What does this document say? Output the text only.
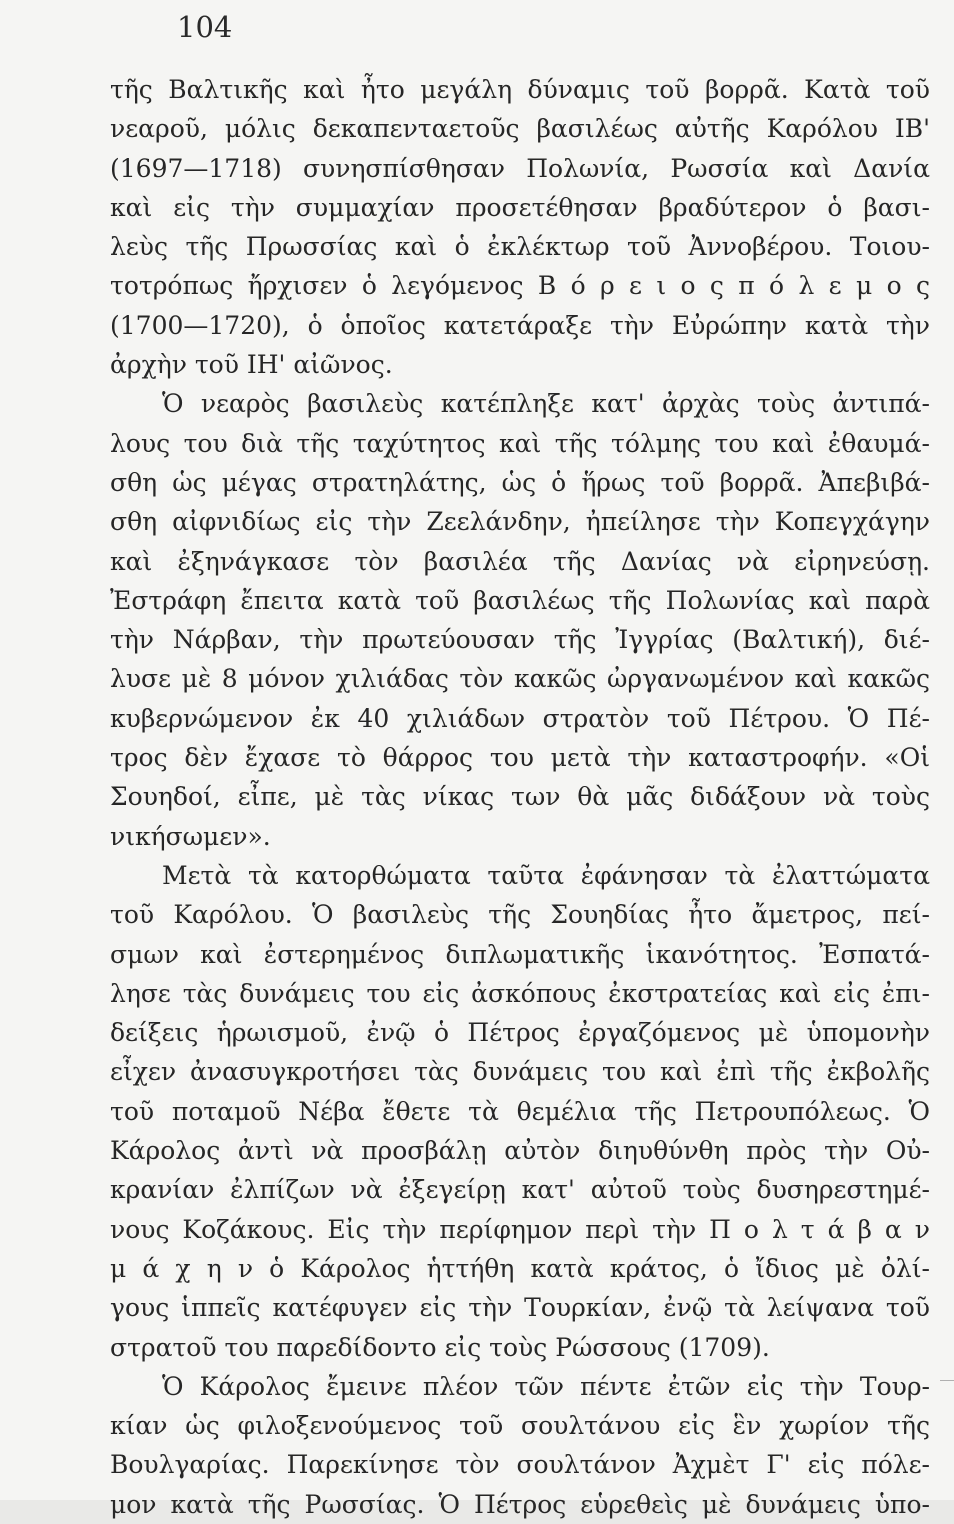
104
τῆς Βαλτικῆς καὶ ἦτο μεγάλη δύναμις τοῦ βορρᾶ. Κατὰ τοῦ
νεαροῦ, μόλις δεκαπενταετοῦς βασιλέως αὐτῆς Καρόλου ΙΒ'
(1697—1718) συνησπίσθησαν Πολωνία, Ρωσσία καὶ Δανία
καὶ εἰς τὴν συμμαχίαν προσετέθησαν βραδύτερον ὁ βασι-
λεὺς τῆς Πρωσσίας καὶ ὁ ἐκλέκτωρ τοῦ Ἀννοβέρου. Τοιου-
τοτρόπως ἤρχισεν ὁ λεγόμενος Β ό ρ ε ι ο ς π ό λ ε μ ο ς
(1700—1720), ὁ ὁποῖος κατετάραξε τὴν Εὐρώπην κατὰ τὴν
ἀρχὴν τοῦ ΙΗ' αἰῶνος.
Ὁ νεαρὸς βασιλεὺς κατέπληξε κατ' ἀρχὰς τοὺς ἀντιπά-
λους του διὰ τῆς ταχύτητος καὶ τῆς τόλμης του καὶ ἐθαυμά-
σθη ὡς μέγας στρατηλάτης, ὡς ὁ ἥρως τοῦ βορρᾶ. Ἀπεβιβά-
σθη αἰφνιδίως εἰς τὴν Ζεελάνδην, ἠπείλησε τὴν Κοπεγχάγην
καὶ ἐξηνάγκασε τὸν βασιλέα τῆς Δανίας νὰ εἰρηνεύσῃ.
Ἐστράφη ἔπειτα κατὰ τοῦ βασιλέως τῆς Πολωνίας καὶ παρὰ
τὴν Νάρβαν, τὴν πρωτεύουσαν τῆς Ἰγγρίας (Βαλτική), διέ-
λυσε μὲ 8 μόνον χιλιάδας τὸν κακῶς ὠργανωμένον καὶ κακῶς
κυβερνώμενον ἐκ 40 χιλιάδων στρατὸν τοῦ Πέτρου. Ὁ Πέ-
τρος δὲν ἔχασε τὸ θάρρος του μετὰ τὴν καταστροφήν. «Οἱ
Σουηδοί, εἶπε, μὲ τὰς νίκας των θὰ μᾶς διδάξουν νὰ τοὺς
νικήσωμεν».
Μετὰ τὰ κατορθώματα ταῦτα ἐφάνησαν τὰ ἐλαττώματα
τοῦ Καρόλου. Ὁ βασιλεὺς τῆς Σουηδίας ἦτο ἄμετρος, πεί-
σμων καὶ ἐστερημένος διπλωματικῆς ἱκανότητος. Ἐσπατά-
λησε τὰς δυνάμεις του εἰς ἀσκόπους ἐκστρατείας καὶ εἰς ἐπι-
δείξεις ἡρωισμοῦ, ἐνῷ ὁ Πέτρος ἐργαζόμενος μὲ ὑπομονὴν
εἶχεν ἀνασυγκροτήσει τὰς δυνάμεις του καὶ ἐπὶ τῆς ἐκβολῆς
τοῦ ποταμοῦ Νέβα ἔθετε τὰ θεμέλια τῆς Πετρουπόλεως. Ὁ
Κάρολος ἀντὶ νὰ προσβάλῃ αὐτὸν διηυθύνθη πρὸς τὴν Οὐ-
κρανίαν ἐλπίζων νὰ ἐξεγείρῃ κατ' αὐτοῦ τοὺς δυσηρεστημέ-
νους Κοζάκους. Εἰς τὴν περίφημον περὶ τὴν Π ο λ τ ά β α ν
μ ά χ η ν ὁ Κάρολος ἡττήθη κατὰ κράτος, ὁ ἴδιος μὲ ὀλί-
γους ἱππεῖς κατέφυγεν εἰς τὴν Τουρκίαν, ἐνῷ τὰ λείψανα τοῦ
στρατοῦ του παρεδίδοντο εἰς τοὺς Ρώσσους (1709).
Ὁ Κάρολος ἔμεινε πλέον τῶν πέντε ἐτῶν εἰς τὴν Τουρ-
κίαν ὡς φιλοξενούμενος τοῦ σουλτάνου εἰς ἓν χωρίον τῆς
Βουλγαρίας. Παρεκίνησε τὸν σουλτάνον Ἀχμὲτ Γ' εἰς πόλε-
μον κατὰ τῆς Ρωσσίας. Ὁ Πέτρος εὑρεθεὶς μὲ δυνάμεις ὑπο-
